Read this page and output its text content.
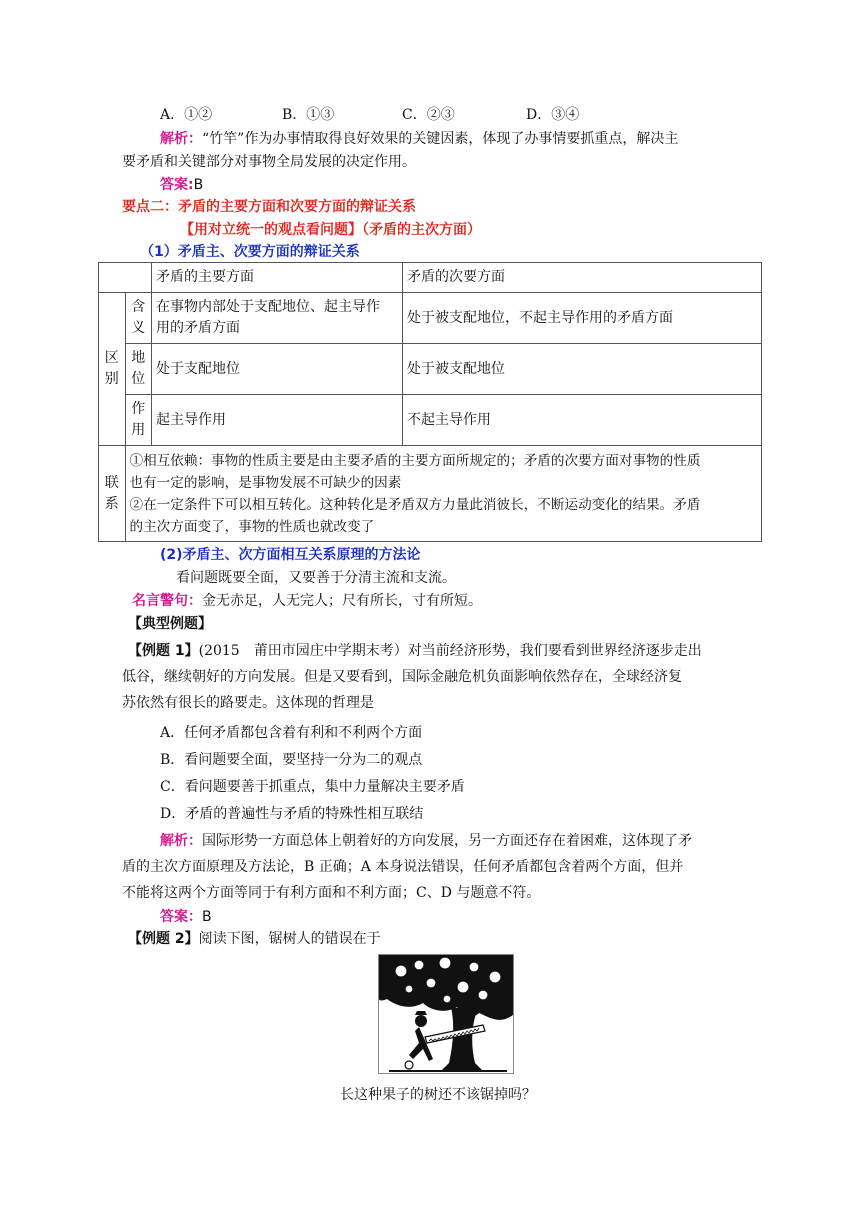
A．①②	B．①③	C．②③	D．③④
解析：“竹竿”作为办事情取得良好效果的关键因素，体现了办事情要抓重点，解决主
要矛盾和关键部分对事物全局发展的决定作用。
答案:B
要点二：矛盾的主要方面和次要方面的辩证关系
【用对立统一的观点看问题】（矛盾的主次方面）
（1）矛盾主、次要方面的辩证关系
		矛盾的主要方面	矛盾的次要方面
区别	含义	在事物内部处于支配地位、起主导作
用的矛盾方面	处于被支配地位，不起主导作用的矛盾方面
	地位	处于支配地位	处于被支配地位
	作用	起主导作用	不起主导作用
联系	①相互依赖：事物的性质主要是由主要矛盾的主要方面所规定的；矛盾的次要方面对事物的性质
也有一定的影响，是事物发展不可缺少的因素
②在一定条件下可以相互转化。这种转化是矛盾双方力量此消彼长，不断运动变化的结果。矛盾
的主次方面变了，事物的性质也就改变了		
(2)矛盾主、次方面相互关系原理的方法论
看问题既要全面，又要善于分清主流和支流。
名言警句：金无赤足，人无完人；尺有所长，寸有所短。
【典型例题】
【例题 1】(2015　莆田市园庄中学期末考）对当前经济形势，我们要看到世界经济逐步走出
低谷，继续朝好的方向发展。但是又要看到，国际金融危机负面影响依然存在，全球经济复
苏依然有很长的路要走。这体现的哲理是
A．任何矛盾都包含着有利和不利两个方面
B．看问题要全面，要坚持一分为二的观点
C．看问题要善于抓重点，集中力量解决主要矛盾
D．矛盾的普遍性与矛盾的特殊性相互联结
解析：国际形势一方面总体上朝着好的方向发展，另一方面还存在着困难，这体现了矛
盾的主次方面原理及方法论，B 正确；A 本身说法错误，任何矛盾都包含着两个方面，但并
不能将这两个方面等同于有利方面和不利方面；C、D 与题意不符。
答案：B
【例题 2】阅读下图，锯树人的错误在于
长这种果子的树还不该锯掉吗？
